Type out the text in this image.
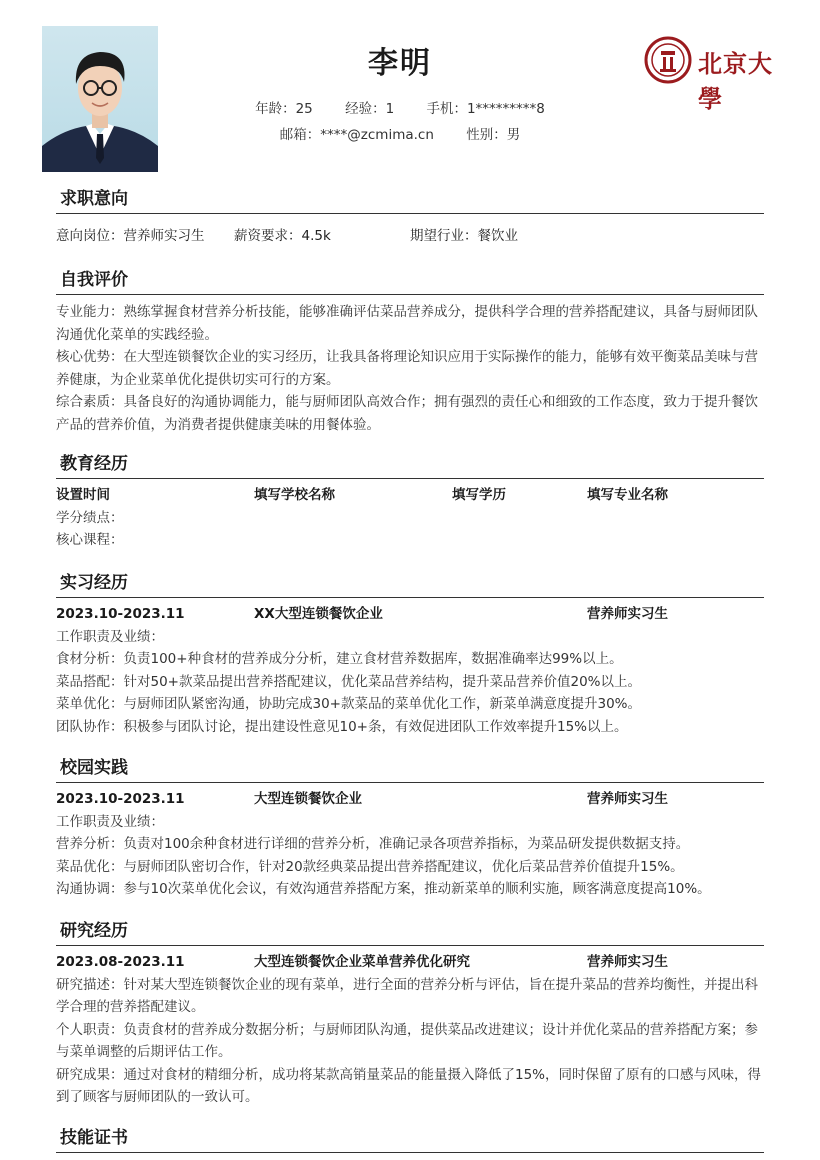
李明
年龄：25 经验：1 手机：1*********8
邮箱：****@zcmima.cn 性别：男
北京大學
求职意向
意向岗位：营养师实习生 薪资要求：4.5k	期望行业：餐饮业
自我评价

专业能力：熟练掌握食材营养分析技能，能够准确评估菜品营养成分，提供科学合理的营养搭配建议，具备与厨师团队沟通优化菜单的实践经验。

核心优势：在大型连锁餐饮企业的实习经历，让我具备将理论知识应用于实际操作的能力，能够有效平衡菜品美味与营养健康，为企业菜单优化提供切实可行的方案。

综合素质：具备良好的沟通协调能力，能与厨师团队高效合作；拥有强烈的责任心和细致的工作态度，致力于提升餐饮产品的营养价值，为消费者提供健康美味的用餐体验。

教育经历
设置时间	填写学校名称	填写学历	填写专业名称

学分绩点：

核心课程：

实习经历
2023.10-2023.11	XX大型连锁餐饮企业	营养师实习生

工作职责及业绩：

食材分析：负责100+种食材的营养成分分析，建立食材营养数据库，数据准确率达99%以上。

菜品搭配：针对50+款菜品提出营养搭配建议，优化菜品营养结构，提升菜品营养价值20%以上。

菜单优化：与厨师团队紧密沟通，协助完成30+款菜品的菜单优化工作，新菜单满意度提升30%。

团队协作：积极参与团队讨论，提出建设性意见10+条，有效促进团队工作效率提升15%以上。

校园实践
2023.10-2023.11	大型连锁餐饮企业	营养师实习生

工作职责及业绩：

营养分析：负责对100余种食材进行详细的营养分析，准确记录各项营养指标，为菜品研发提供数据支持。

菜品优化：与厨师团队密切合作，针对20款经典菜品提出营养搭配建议，优化后菜品营养价值提升15%。

沟通协调：参与10次菜单优化会议，有效沟通营养搭配方案，推动新菜单的顺利实施，顾客满意度提高10%。

研究经历
2023.08-2023.11	大型连锁餐饮企业菜单营养优化研究	营养师实习生

研究描述：针对某大型连锁餐饮企业的现有菜单，进行全面的营养分析与评估，旨在提升菜品的营养均衡性，并提出科学合理的营养搭配建议。

个人职责：负责食材的营养成分数据分析；与厨师团队沟通，提供菜品改进建议；设计并优化菜品的营养搭配方案；参与菜单调整的后期评估工作。

研究成果：通过对食材的精细分析，成功将某款高销量菜品的能量摄入降低了15%，同时保留了原有的口感与风味，得到了顾客与厨师团队的一致认可。

技能证书
